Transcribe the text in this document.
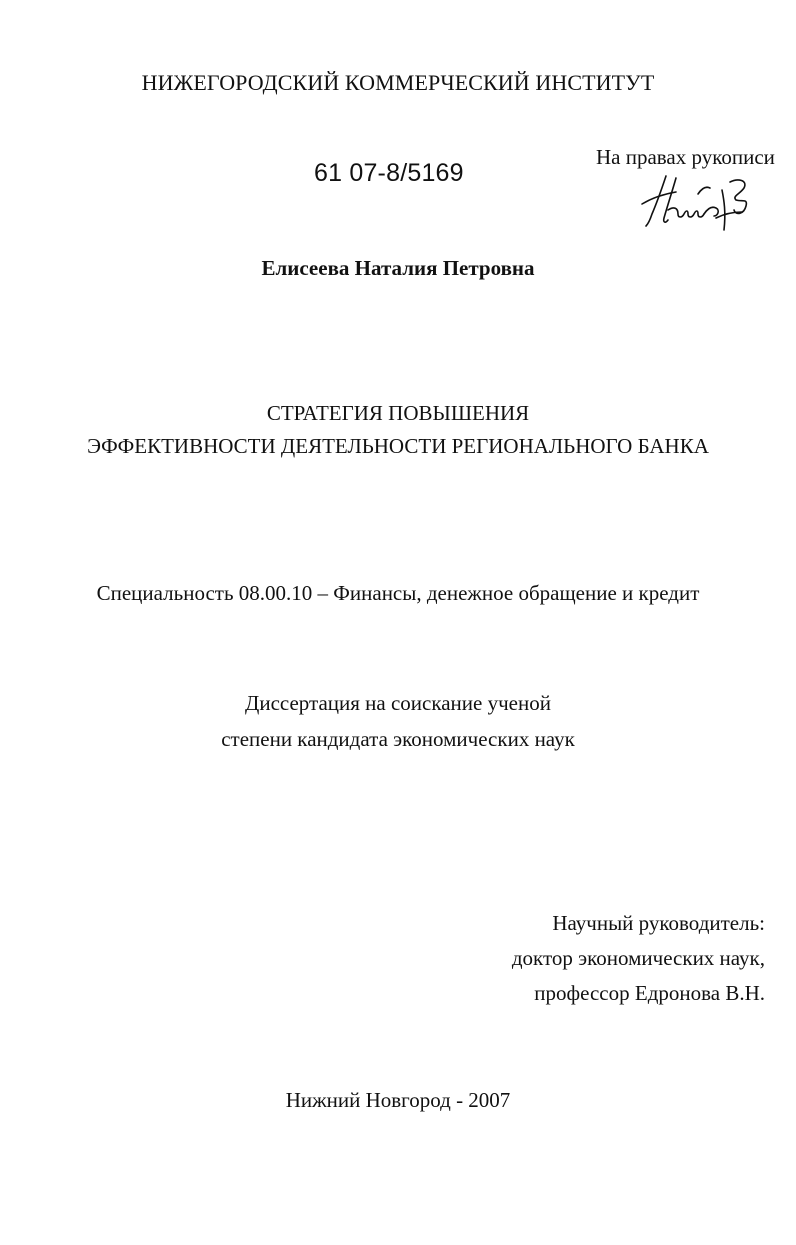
НИЖЕГОРОДСКИЙ КОММЕРЧЕСКИЙ ИНСТИТУТ
61 07-8/5169
На правах рукописи
Елисеева Наталия Петровна
СТРАТЕГИЯ ПОВЫШЕНИЯ
ЭФФЕКТИВНОСТИ ДЕЯТЕЛЬНОСТИ РЕГИОНАЛЬНОГО БАНКА
Специальность 08.00.10 – Финансы, денежное обращение и кредит
Диссертация на соискание ученой
степени кандидата экономических наук
Научный руководитель:
доктор экономических наук,
профессор Едронова В.Н.
Нижний Новгород - 2007
